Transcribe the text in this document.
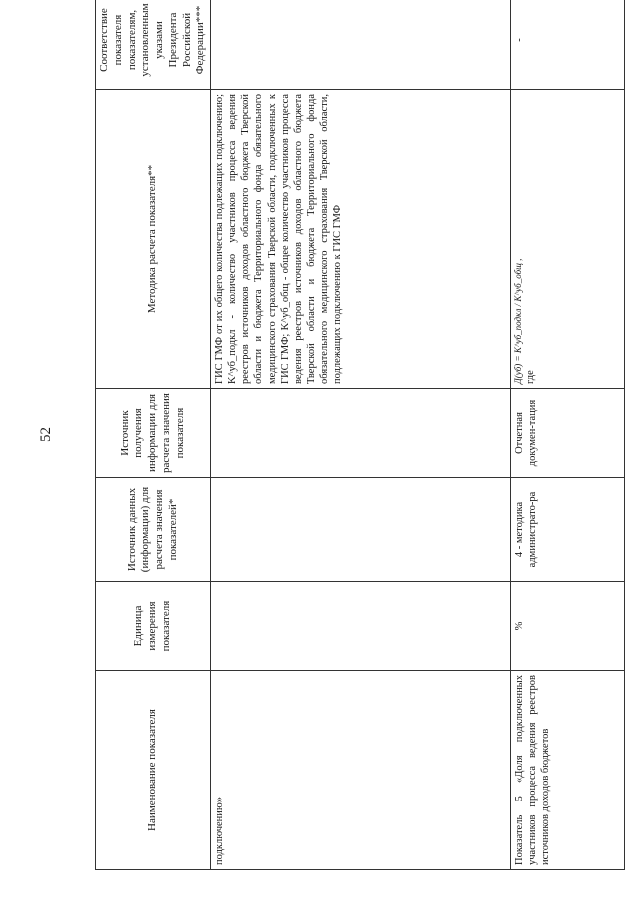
52
Наименование показателя	Единица измерения показателя	Источник данных (информации) для расчета значения показателей*	Источник получения информации для расчета значения показателя	Методика расчета показателя**	Соответствие показателя показателям, установленным указами Президента Российской Федерации***
подключению»				ГИС ГМФ от их общего количества подлежащих подключению; K^уб_подкл - количество участников процесса ведения реестров источников доходов областного бюджета Тверской области и бюджета Территориального фонда обязательного медицинского страхования Тверской области, подключенных к ГИС ГМФ; K^уб_общ - общее количество участников процесса ведения реестров источников доходов областного бюджета Тверской области и бюджета Территориального фонда обязательного медицинского страхования Тверской области, подлежащих подключению к ГИС ГМФ	
Показатель 5 «Доля подключенных участников процесса ведения реестров источников доходов бюджетов	%	4 - методика администрато-ра	Отчетная докумен-тация	Д(уб) = K^уб_подкл / K^уб_общ , где	-
